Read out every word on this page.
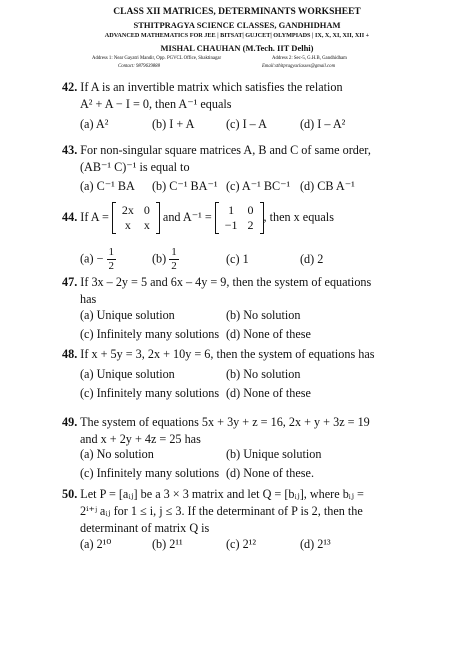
CLASS XII MATRICES, DETERMINANTS WORKSHEET
STHITPRAGYA SCIENCE CLASSES, GANDHIDHAM
ADVANCED MATHEMATICS FOR JEE | BITSAT| GUJCET| OLYMPIADS | IX, X, XI, XII, XII +
MISHAL CHAUHAN (M.Tech. IIT Delhi)
Address 1: Near Gayatri Mandir, Opp. PGVCL Office, Shaktinagar	Address 2: Sec-5, G.H.B, Gandhidham
Contact: 9879639888	Email:sthitpragyaclasses@gmail.com
42. If A is an invertible matrix which satisfies the relation
A² + A − I = 0, then A⁻¹ equals
(a) A²	(b) I + A	(c) I – A	(d) I – A²
43. For non-singular square matrices A, B and C of same order,
(AB⁻¹ C)⁻¹ is equal to
(a) C⁻¹ BA (b) C⁻¹ BA⁻¹ (c) A⁻¹ BC⁻¹ (d) CB A⁻¹
44. If A = 2x	0
x	x
and A⁻¹ = 1	0
−1	2
, then x equals
$(a) - \frac{1}{2}$	$(b) \frac{1}{2}$	(c) 1	(d) 2
47. If 3x – 2y = 5 and 6x – 4y = 9, then the system of equations
has
(a) Unique solution	(b) No solution
(c) Infinitely many solutions (d) None of these
48. If x + 5y = 3, 2x + 10y = 6, then the system of equations has
(a) Unique solution	(b) No solution
(c) Infinitely many solutions (d) None of these
49. The system of equations 5x + 3y + z = 16, 2x + y + 3z = 19
and x + 2y + 4z = 25 has
(a) No solution	(b) Unique solution
(c) Infinitely many solutions (d) None of these.
50. Let P = [aᵢⱼ] be a 3 × 3 matrix and let Q = [bᵢⱼ], where bᵢⱼ =
2ⁱ⁺ʲ aᵢⱼ for 1 ≤ i, j ≤ 3. If the determinant of P is 2, then the
determinant of matrix Q is
(a) 2¹⁰	(b) 2¹¹	(c) 2¹²	(d) 2¹³
